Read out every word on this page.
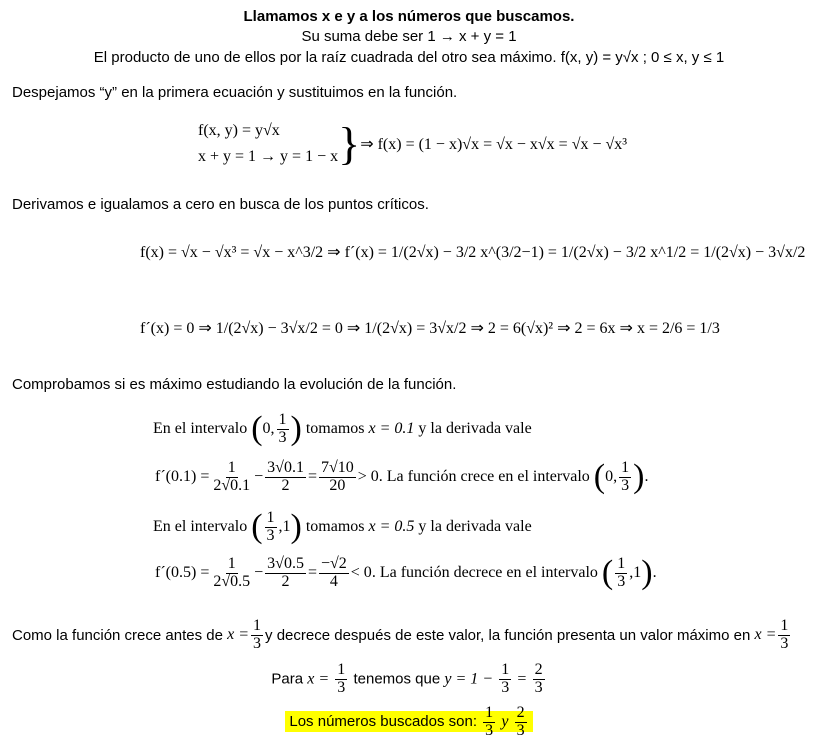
Llamamos x e y a los números que buscamos.
Su suma debe ser 1 → x + y = 1
El producto de uno de ellos por la raíz cuadrada del otro sea máximo. f(x, y) = y√x ; 0 ≤ x, y ≤ 1
Despejamos “y” en la primera ecuación y sustituimos en la función.
f(x, y) = y√x
x + y = 1 → y = 1 − x } ⇒ f(x) = (1 − x)√x = √x − x√x = √x − √x³
Derivamos e igualamos a cero en busca de los puntos críticos.
f(x) = √x − √x³ = √x − x^3/2 ⇒ f´(x) = 1/(2√x) − 3/2 x^(3/2−1) = 1/(2√x) − 3/2 x^1/2 = 1/(2√x) − 3√x/2
f´(x) = 0 ⇒ 1/(2√x) − 3√x/2 = 0 ⇒ 1/(2√x) = 3√x/2 ⇒ 2 = 6(√x)² ⇒ 2 = 6x ⇒ x = 2/6 = 1/3
Comprobamos si es máximo estudiando la evolución de la función.
En el intervalo
( 0, $\frac{1}{3}$ )
tomamos
x = 0.1
y la derivada vale
f´(0.1) = $\frac{1}{2√0.1} - \frac{3√0.1}{2} = \frac{7√10}{20} > 0$ . La función crece en el intervalo
( 0, $\frac{1}{3}$ ) .
En el intervalo
( $\frac{1}{3} ,1$ )
tomamos
x = 0.5
y la derivada vale
f´(0.5) = $\frac{1}{2√0.5} - \frac{3√0.5}{2} = \frac{-√2}{4} < 0$ . La función decrece en el intervalo
( $\frac{1}{3} ,1$ ) .
Como la función crece antes de
$x = \frac{1}{3}$ y decrece después de este valor, la función presenta un valor máximo en
$x = \frac{1}{3}$
Para $x = \frac{1}{3}$ tenemos que $y = 1 - \frac{1}{3} = \frac{2}{3}$
Los números buscados son: $\frac{1}{3}$ y $\frac{2}{3}$
